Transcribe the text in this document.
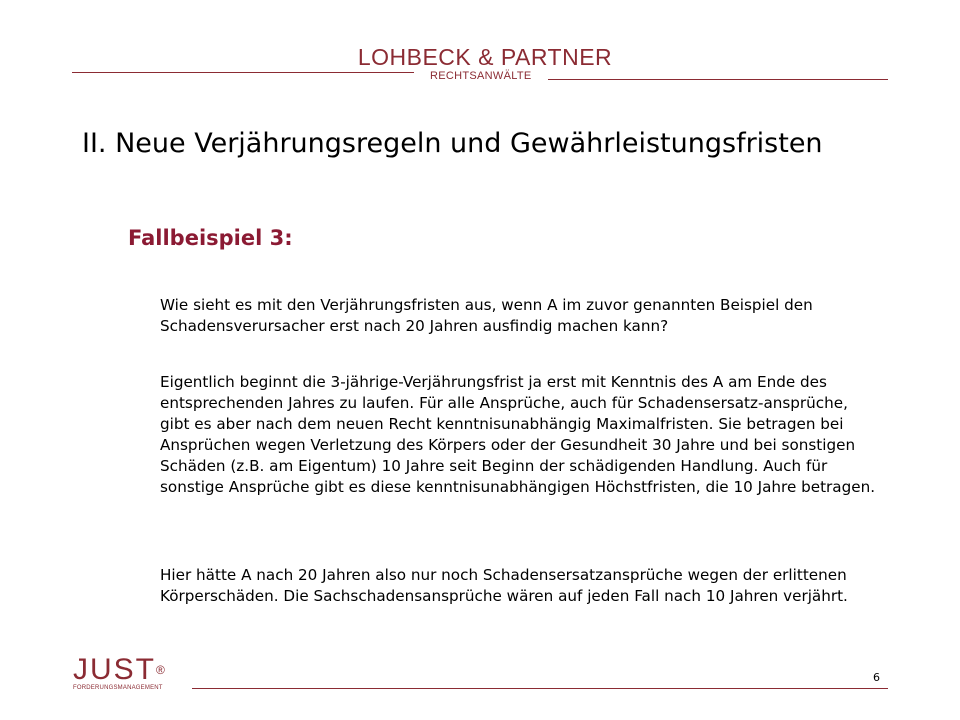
LOHBECK & PARTNER
RECHTSANWÄLTE
II. Neue Verjährungsregeln und Gewährleistungsfristen
Fallbeispiel 3:
Wie sieht es mit den Verjährungsfristen aus, wenn A im zuvor genannten Beispiel den Schadensverursacher erst nach 20 Jahren ausfindig machen kann?
Eigentlich beginnt die 3-jährige-Verjährungsfrist ja erst mit Kenntnis des A am Ende des entsprechenden Jahres zu laufen. Für alle Ansprüche, auch für Schadensersatz-ansprüche, gibt es aber nach dem neuen Recht kenntnisunabhängig Maximalfristen. Sie betragen bei Ansprüchen wegen Verletzung des Körpers oder der Gesundheit 30 Jahre und bei sonstigen Schäden (z.B. am Eigentum) 10 Jahre seit Beginn der schädigenden Handlung. Auch für sonstige Ansprüche gibt es diese kenntnisunabhängigen Höchstfristen, die 10 Jahre betragen.
Hier hätte A nach 20 Jahren also nur noch Schadensersatzansprüche wegen der erlittenen Körperschäden. Die Sachschadensansprüche wären auf jeden Fall nach 10 Jahren verjährt.
JUST®
FORDERUNGSMANAGEMENT
6
